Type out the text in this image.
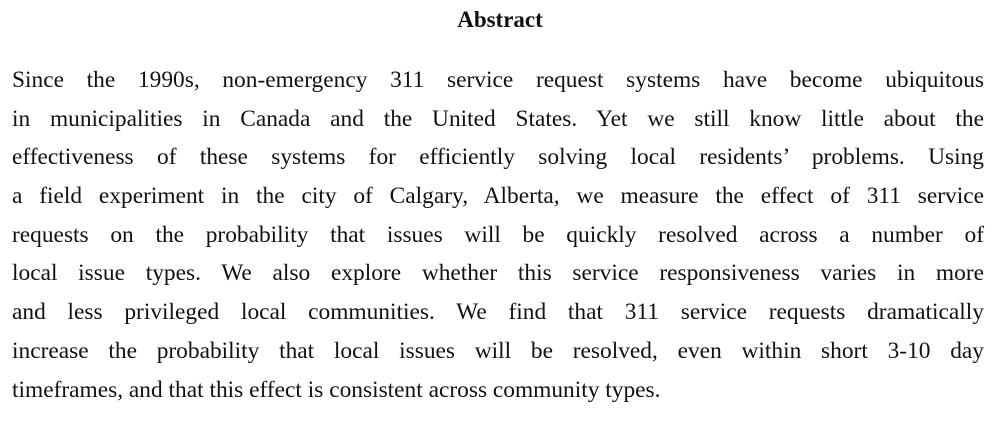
Abstract
Since the 1990s, non-emergency 311 service request systems have become ubiquitous
in municipalities in Canada and the United States. Yet we still know little about the
effectiveness of these systems for efficiently solving local residents’ problems. Using
a field experiment in the city of Calgary, Alberta, we measure the effect of 311 service
requests on the probability that issues will be quickly resolved across a number of
local issue types. We also explore whether this service responsiveness varies in more
and less privileged local communities. We find that 311 service requests dramatically
increase the probability that local issues will be resolved, even within short 3-10 day
timeframes, and that this effect is consistent across community types.
